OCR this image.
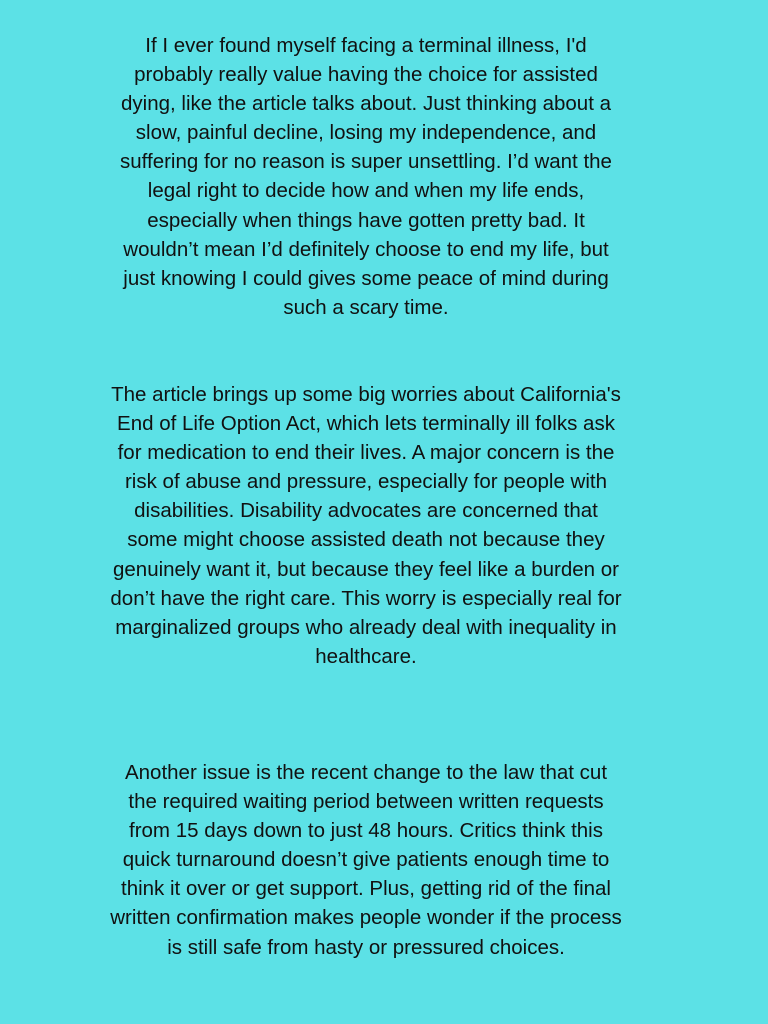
If I ever found myself facing a terminal illness, I'd probably really value having the choice for assisted dying, like the article talks about. Just thinking about a slow, painful decline, losing my independence, and suffering for no reason is super unsettling. I’d want the legal right to decide how and when my life ends, especially when things have gotten pretty bad. It wouldn’t mean I’d definitely choose to end my life, but just knowing I could gives some peace of mind during such a scary time.

The article brings up some big worries about California's End of Life Option Act, which lets terminally ill folks ask for medication to end their lives. A major concern is the risk of abuse and pressure, especially for people with disabilities. Disability advocates are concerned that some might choose assisted death not because they genuinely want it, but because they feel like a burden or don’t have the right care. This worry is especially real for marginalized groups who already deal with inequality in healthcare.

Another issue is the recent change to the law that cut the required waiting period between written requests from 15 days down to just 48 hours. Critics think this quick turnaround doesn’t give patients enough time to think it over or get support. Plus, getting rid of the final written confirmation makes people wonder if the process is still safe from hasty or pressured choices.
